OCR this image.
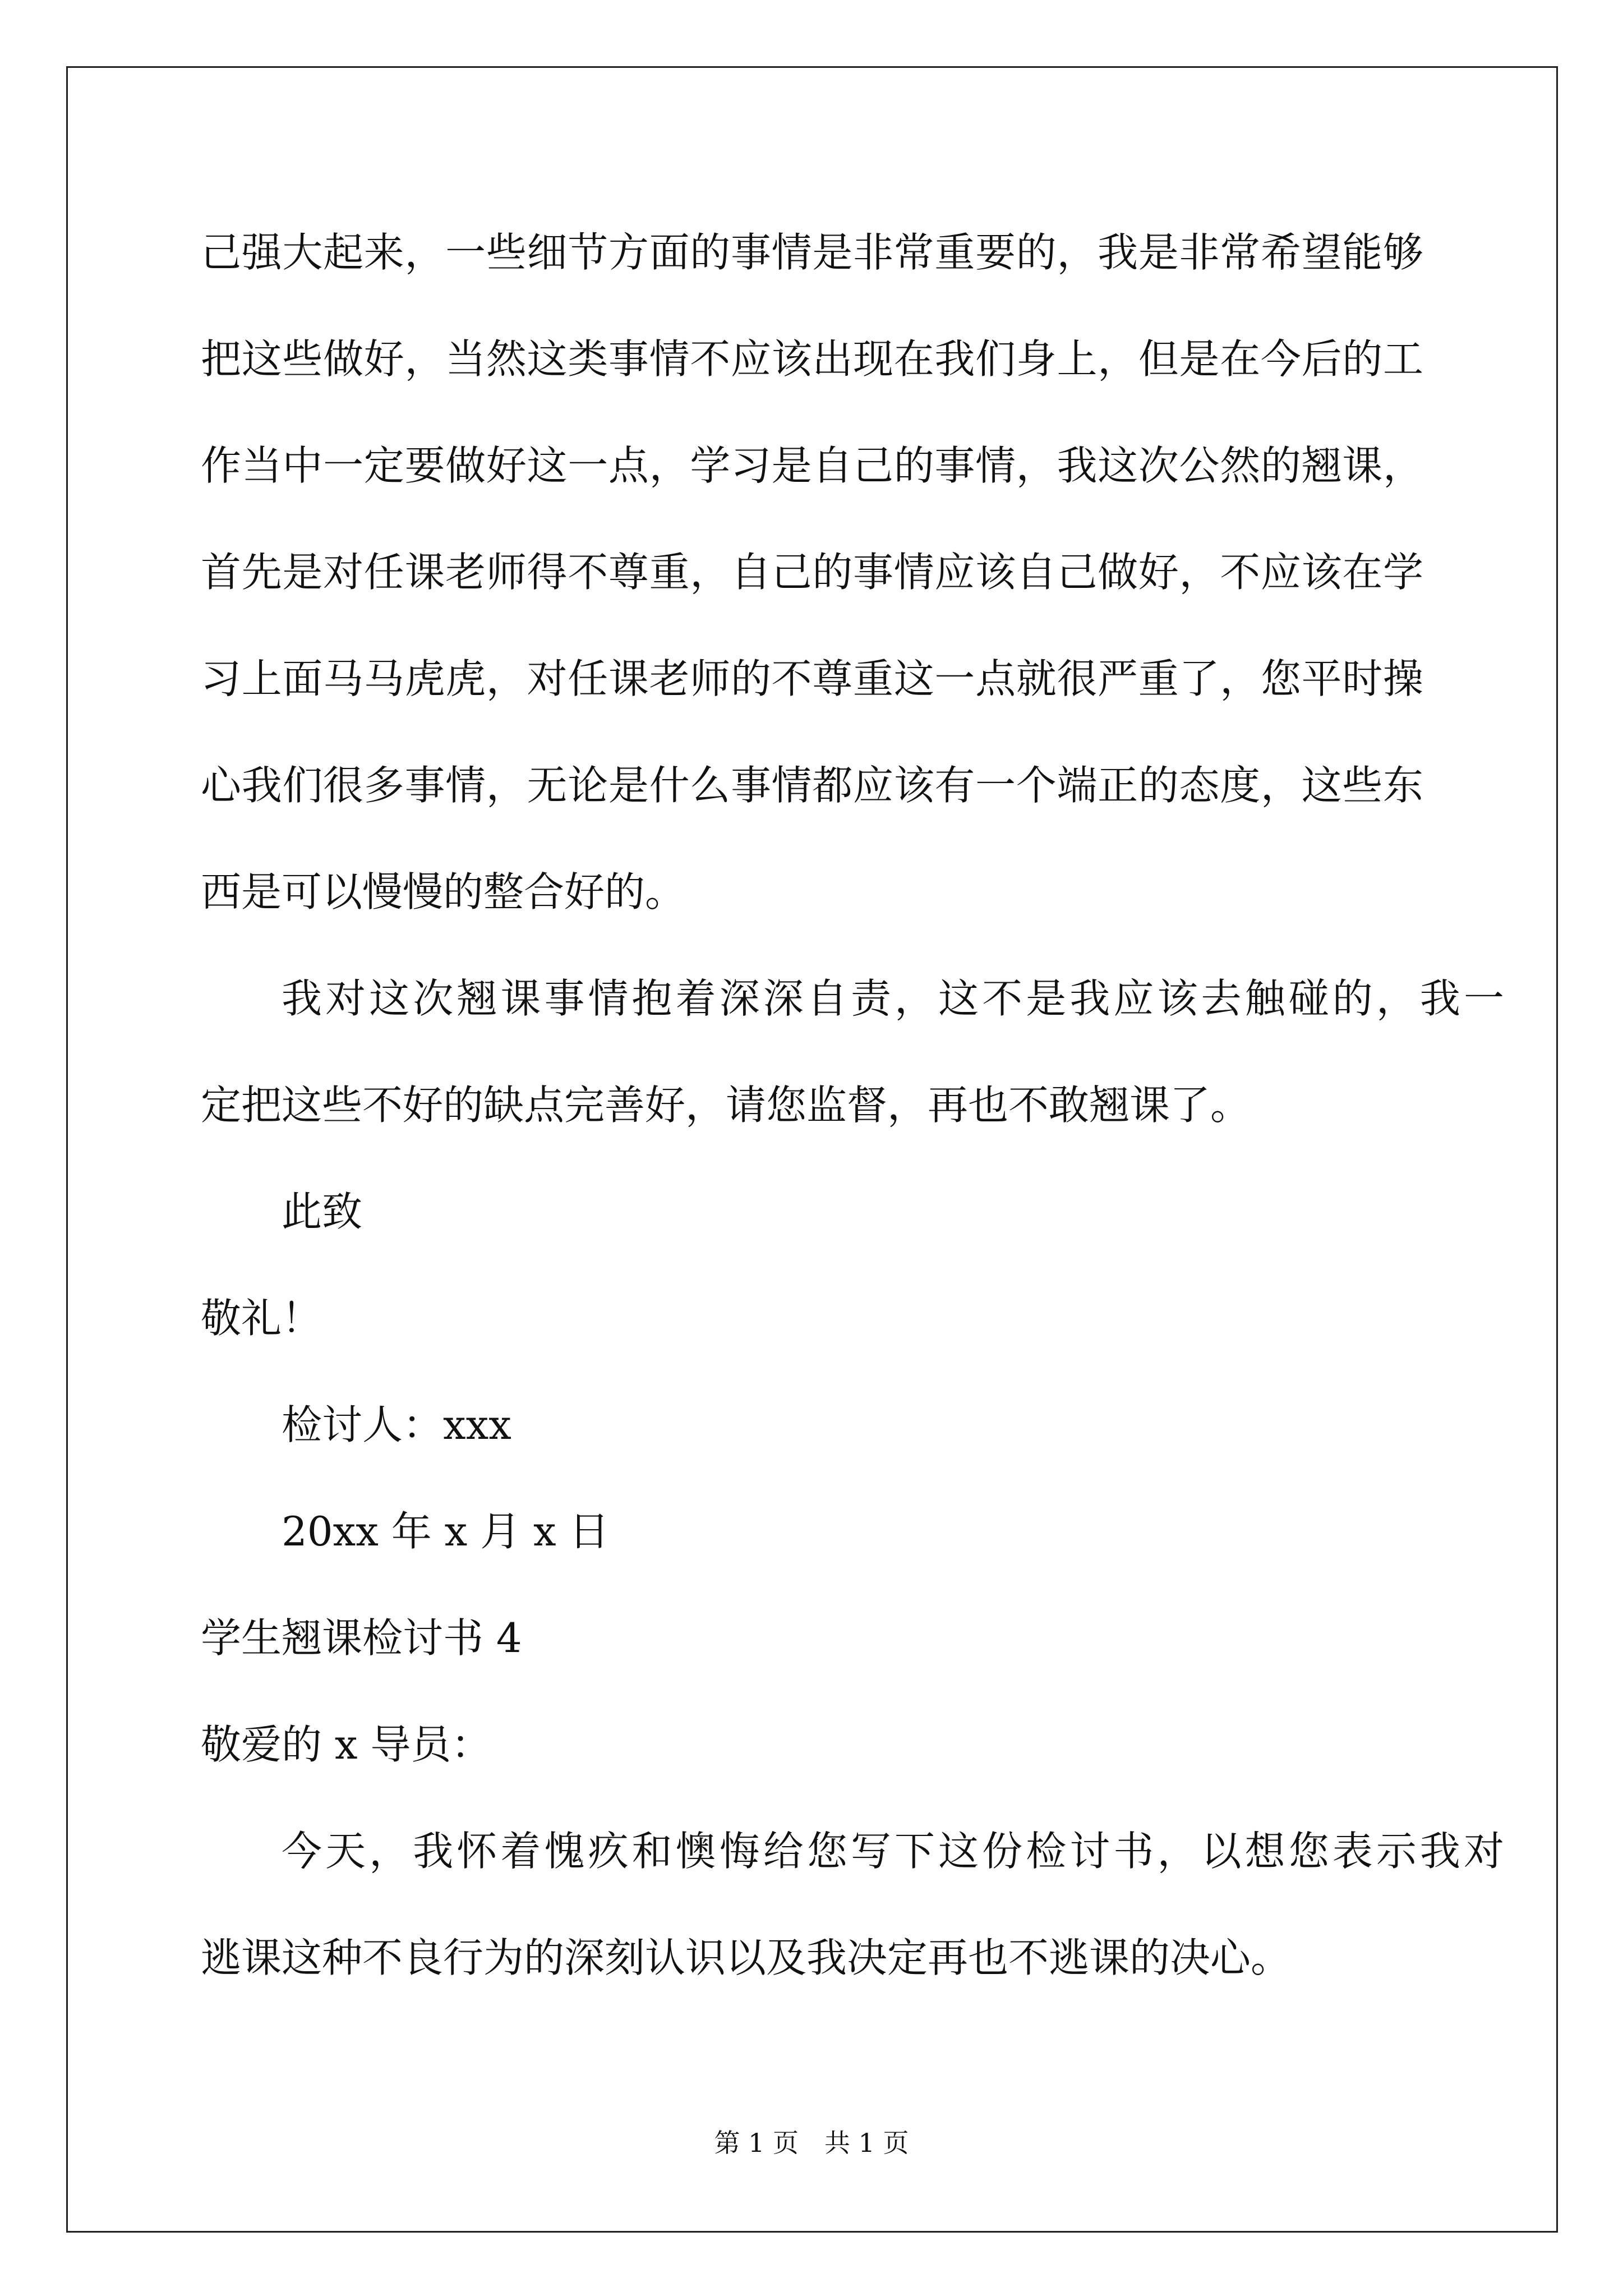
己强大起来，一些细节方面的事情是非常重要的，我是非常希望能够
把这些做好，当然这类事情不应该出现在我们身上，但是在今后的工
作当中一定要做好这一点，学习是自己的事情，我这次公然的翘课，
首先是对任课老师得不尊重，自己的事情应该自己做好，不应该在学
习上面马马虎虎，对任课老师的不尊重这一点就很严重了，您平时操
心我们很多事情，无论是什么事情都应该有一个端正的态度，这些东
西是可以慢慢的整合好的。
我对这次翘课事情抱着深深自责，这不是我应该去触碰的，我一
定把这些不好的缺点完善好，请您监督，再也不敢翘课了。
此致
敬礼！
检讨人：xxx
20xx 年 x 月 x 日
学生翘课检讨书 4
敬爱的 x 导员：
今天，我怀着愧疚和懊悔给您写下这份检讨书，以想您表示我对
逃课这种不良行为的深刻认识以及我决定再也不逃课的决心。
第 1 页　共 1 页
